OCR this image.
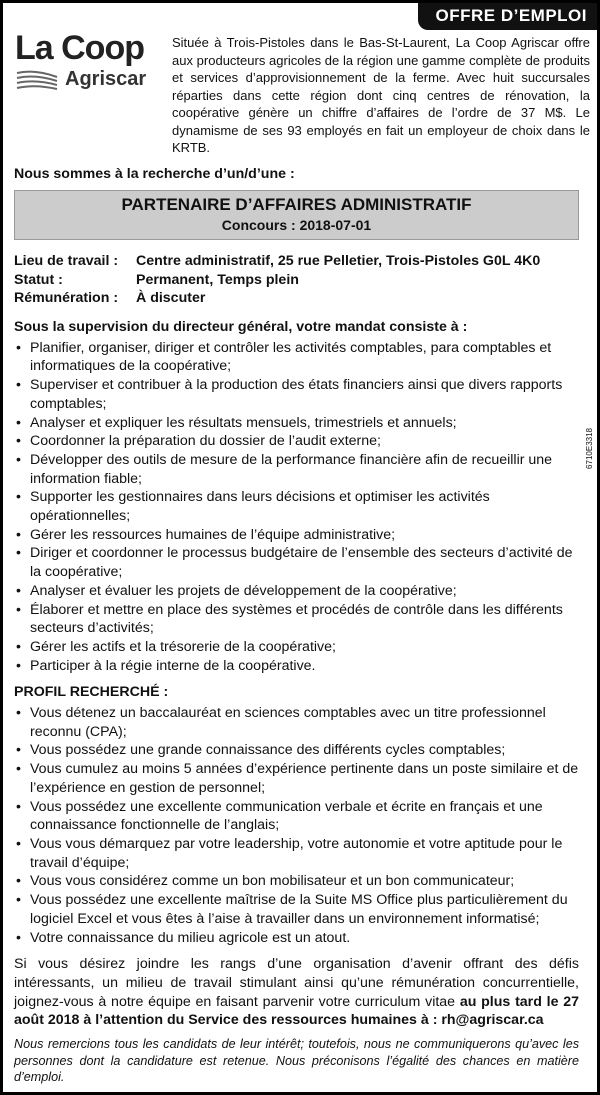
OFFRE D’EMPLOI
La Coop
Agriscar
Située à Trois-Pistoles dans le Bas-St-Laurent, La Coop Agriscar offre aux producteurs agricoles de la région une gamme complète de produits et services d’approvisionnement de la ferme. Avec huit succursales réparties dans cette région dont cinq centres de rénovation, la coopérative génère un chiffre d’affaires de l’ordre de 37 M$. Le dynamisme de ses 93 employés en fait un employeur de choix dans le KRTB.
Nous sommes à la recherche d’un/d’une :
PARTENAIRE D’AFFAIRES ADMINISTRATIF
Concours : 2018-07-01
Lieu de travail :	Centre administratif, 25 rue Pelletier, Trois-Pistoles G0L 4K0
Statut :	Permanent, Temps plein
Rémunération :	À discuter
Sous la supervision du directeur général, votre mandat consiste à :
• Planifier, organiser, diriger et contrôler les activités comptables, para comptables et informatiques de la coopérative;
• Superviser et contribuer à la production des états financiers ainsi que divers rapports comptables;
• Analyser et expliquer les résultats mensuels, trimestriels et annuels;
• Coordonner la préparation du dossier de l’audit externe;
• Développer des outils de mesure de la performance financière afin de recueillir une information fiable;
• Supporter les gestionnaires dans leurs décisions et optimiser les activités opérationnelles;
• Gérer les ressources humaines de l’équipe administrative;
• Diriger et coordonner le processus budgétaire de l’ensemble des secteurs d’activité de la coopérative;
• Analyser et évaluer les projets de développement de la coopérative;
• Élaborer et mettre en place des systèmes et procédés de contrôle dans les différents secteurs d’activités;
• Gérer les actifs et la trésorerie de la coopérative;
• Participer à la régie interne de la coopérative.
PROFIL RECHERCHÉ :
• Vous détenez un baccalauréat en sciences comptables avec un titre professionnel reconnu (CPA);
• Vous possédez une grande connaissance des différents cycles comptables;
• Vous cumulez au moins 5 années d’expérience pertinente dans un poste similaire et de l’expérience en gestion de personnel;
• Vous possédez une excellente communication verbale et écrite en français et une connaissance fonctionnelle de l’anglais;
• Vous vous démarquez par votre leadership, votre autonomie et votre aptitude pour le travail d’équipe;
• Vous vous considérez comme un bon mobilisateur et un bon communicateur;
• Vous possédez une excellente maîtrise de la Suite MS Office plus particulièrement du logiciel Excel et vous êtes à l’aise à travailler dans un environnement informatisé;
• Votre connaissance du milieu agricole est un atout.
Si vous désirez joindre les rangs d’une organisation d’avenir offrant des défis intéressants, un milieu de travail stimulant ainsi qu’une rémunération concurrentielle, joignez-vous à notre équipe en faisant parvenir votre curriculum vitae au plus tard le 27 août 2018 à l’attention du Service des ressources humaines à : rh@agriscar.ca
Nous remercions tous les candidats de leur intérêt; toutefois, nous ne communiquerons qu’avec les personnes dont la candidature est retenue. Nous préconisons l’égalité des chances en matière d’emploi.
6710E3318
